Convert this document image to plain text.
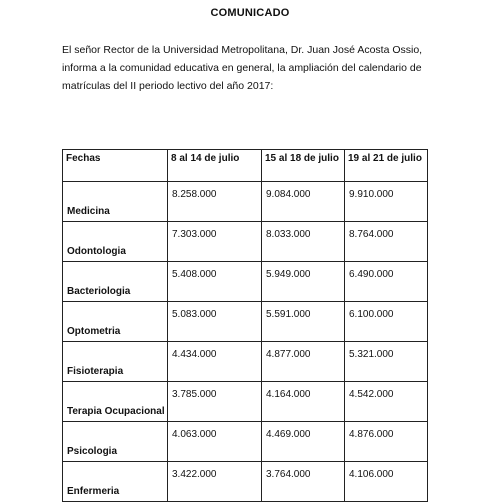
COMUNICADO
El señor Rector de la Universidad Metropolitana, Dr. Juan José Acosta Ossio, informa a la comunidad educativa en general, la ampliación del calendario de matrículas del II periodo lectivo del año 2017:
Fechas	8 al 14 de julio	15 al 18 de julio	19 al 21 de julio
Medicina	8.258.000	9.084.000	9.910.000
Odontologia	7.303.000	8.033.000	8.764.000
Bacteriologia	5.408.000	5.949.000	6.490.000
Optometria	5.083.000	5.591.000	6.100.000
Fisioterapia	4.434.000	4.877.000	5.321.000
Terapia Ocupacional	3.785.000	4.164.000	4.542.000
Psicologia	4.063.000	4.469.000	4.876.000
Enfermeria	3.422.000	3.764.000	4.106.000
